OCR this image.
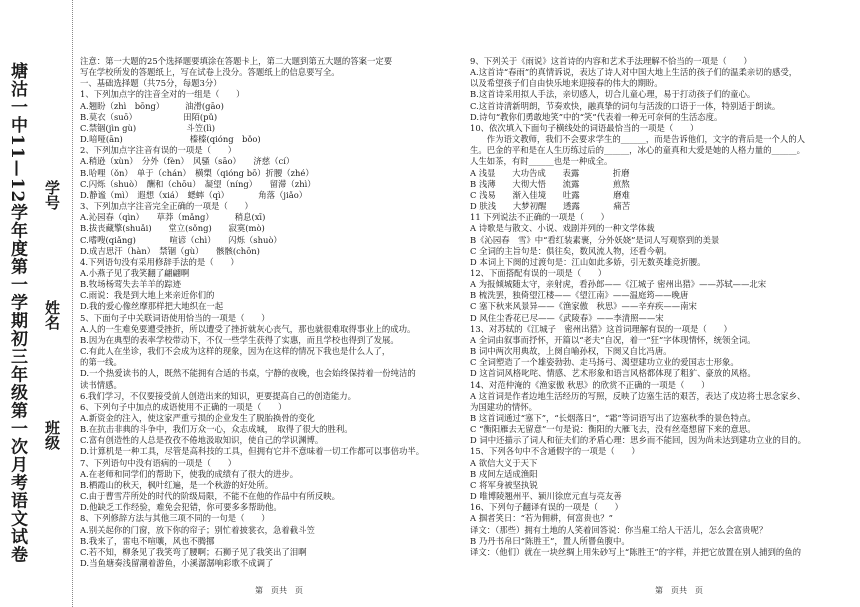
塘沽一中11—12学年度第一学期初三年级第一次月考语文试卷 学号
姓名
班级
注意：第一大题的25个选择题要填涂在答题卡上，第二大题到第五大题的答案一定要
写在学校所发的答题纸上，写在试卷上没分。答题纸上的信息要写全。
一、基础选择题（共75分，每题3分）
1、下列加点字的注音全对的一组是（　　）
A.翘盼（zhì　bōng）　　　油滑(gāo)
B.莫衣（suō）　　　　　　田陌(pǔ)
C.禁锢(jìn gù)　　　　　　斗笠(lì)
D.喑哑(ān)　　　　　　　　榛榛(qióng　bǒo)
2、下列加点字注音有误的一项是（　　）
A.稍逊（xùn）　分外（fèn）　风骚（sāo）　　济慈（cí）
B.哈哩（ǒn）　单于（chán）　横槊（qióng bō）折腰（zhé）
C.闪烁（shuò）　酬和（chōu）　凝望（níng）　　留滞（zhì）
D.静谧（mì）　遐想（xiá）　蟋蟀（qì）　　　　角落（jiǎo）
3、下列加点字注音完全正确的一项是（　　）
A.沁园春（qìn）　　草莽（mǎng）　　　稍息(xī)
B.拔丧藏擎(shuǎi)　　堂立(sǒng)　　寂寞(mò)
C.嗜嗖(qiǎng)　　　　喧谚（chì）　　闪烁（shuò）
D.成吉思汗（hàn）　禁锢（gù）　　骸骸(chōn)
4.下列语句没有采用修辞手法的是（　　）
A.小燕子见了我笑翻了翩翩啊
B.牧场杨莺失去羊羊的踪迹
C.雨说：我是到大地上来亲近你们的
D.我的爱心像丝摩那样把大地织在一起
5、下面句子中关联词语使用恰当的一项是（　　）
A.人的一生难免要遭受挫折，所以遭受了挫折就灰心丧气，那也就很难取得事业上的成功。
B.因为在典型的表率学校带动下，不仅一些学生获得了实惠，而且学校也得到了发展。
C.有此人在坐诊，我们不会成为这样的现象，因为在这样的情况下我也是什么人了，
的第一线。
D.一个热爱读书的人，既然不能拥有合适的书桌，宁静的夜晚，也会始终保持着一份纯洁的
读书情感。
6.我们学习，不仅要接受前人创造出来的知识，更要提高自己的创造能力。
6、下列句子中加点的成语使用不正确的一项是（　　）
A.新资金的注入，使这家严重亏损的企业发生了脱胎换骨的变化
B.在抗击非典的斗争中，我们万众一心，众志成城，　取得了很大的胜利。
C.富有创造性的人总是孜孜不倦地汲取知识，使自己的学识渊博。
D.计算机是一种工具，尽管是高科技的工具，但拥有它并不意味着一切工作都可以事倍功半。
7、下列语句中没有语病的一项是（　　）
A.在老师和同学们的帮助下，使我的成绩有了很大的进步。
B.栖霞山的秋天，枫叶红遍，是一个秋游的好处所。
C.由于曹雪芹所处的时代的阶级局限，不能不在他的作品中有所反映。
D.他缺乏工作经验，难免会犯错，你可要多多帮助他。
8、下列修辞方法与其他三项不同的一句是（　　）
A.别关起你的门窗，放下你的帘子；别忙着披裳衣，急着截斗笠
B.我来了，雷电不喧嚷，风也不腾挪
C.若不知，柳条见了我笑弯了腰啊；石狮子见了我笑出了泪啊
D.当鱼塘奏浅留潮着游鱼，小溪潺潺响彩歌不成调了
9、下列关于《雨说》这首诗的内容和艺术手法理解不恰当的一项是（　　）
A.这首诗“春雨”的真情诉说，表达了诗人对中国大地上生活的孩子们的温柔亲切的感受，
以及希望孩子们自由快乐地来迎接春的伟大的期盼。
B.这首诗采用拟人手法，亲切感人，切合儿童心理，易于打动孩子们的童心。
C.这首诗清新明朗，节奏欢快，融真挚的词句与活泼的口语于一体，特别适于朗读。
D.诗句“教你们勇敢地笑”中的“笑”代表着一种无可奈何的生活态度。
10、依次填入下面句子横线处的词语最恰当的一项是（　　）
　　作为语文教师，我们不会要求学生的______，而是告诉他们，文字的背后是一个人的人
生。巴金的平和是在人生历练过后的______，冰心的童真和大爱是她的人格力量的______。
人生如茶，有时______也是一种成全。
A 浅显　　大功告成　　表露　　　　折磨
B 浅薄　　大彻大悟　　流露　　　　煎熬
C 浅易　　渐入佳境　　吐露　　　　磨难
D 肤浅　　大梦初醒　　透露　　　　痛苦
11 下列说法不正确的一项是（　　）
A 诗歌是与散文、小说、戏剧并列的一种文学体裁
B《沁园春　雪》中“看红装素裹，分外妖娆”是词人写观察到的美景
C 全词的主旨句是：俱往矣，数风流人物，还看今朝。
D 本词上下阕的过渡句是：江山如此多娇，引无数英雄竞折腰。
12、下面搭配有误的一项是（　　）
A 为报倾城随太守，亲射虎，看孙郎——《江城子 密州出猎》——苏轼——北宋
B 梳洗罢，独倚望江楼——《望江南》——温庭筠——晚唐
C 塞下秋来风景异——《渔家傲　秋思》——辛弃疾——南宋
D 风住尘香花已尽——《武陵春》——李清照——宋
13、对苏轼的《江城子　密州出猎》这首词理解有误的一项是（　　）
A 全词由叙事而抒怀，开篇以“老夫”自况，着一“狂”字体现情怀，统领全词。
B 词中两次用典故，上阕自喻孙权，下阕又自比冯唐。
C 全词塑造了一个雄姿勃勃、走马扬弓、渴望建功立业的爱国志士形象。
D 这首词风格叱咤、情感、艺术形象和语言风格都体现了粗犷、豪放的风格。
14、对范仲淹的《渔家傲 秋思》的欣赏不正确的一项是（　　）
A 这首词是作者边地生活经历的写照，反映了边塞生活的艰苦，表达了戍边将士思念家乡、
为国建功的情怀。
B 这首词通过“塞下”，“长烟落日”，“霜”等词语写出了边塞秋季的景色特点。
C “衡阳雁去无留意”一句是说：衡阳的大雁飞去，没有丝毫想留下来的意思。
D 词中还描示了词人和征夫们的矛盾心理：思乡而不能回，因为尚未达到建功立业的目的。
15、下列各句中不含通假字的一项是（　　）
A 欲信大义于天下
B 戍间左适成渔阳
C 将军身被坚执锐
D 唯博陵翘州平、颍川徐庶元直与亮友善
16、下列句子翻译有误的一项是（　　）
A 掴者笑日：“若为佣耕，何富贵也？”
译文：（那些）拥有土地的人笑着回答说：你当雇工给人干活儿，怎么会富贵呢？
B 乃丹书帛曰“陈胜王”，置人所罾鱼腹中。
译文：（他们）就在一块丝绸上用朱砂写上“陈胜王”的字样，并把它放置在别人捕到的鱼的
第　页共　页	第　页共　页
